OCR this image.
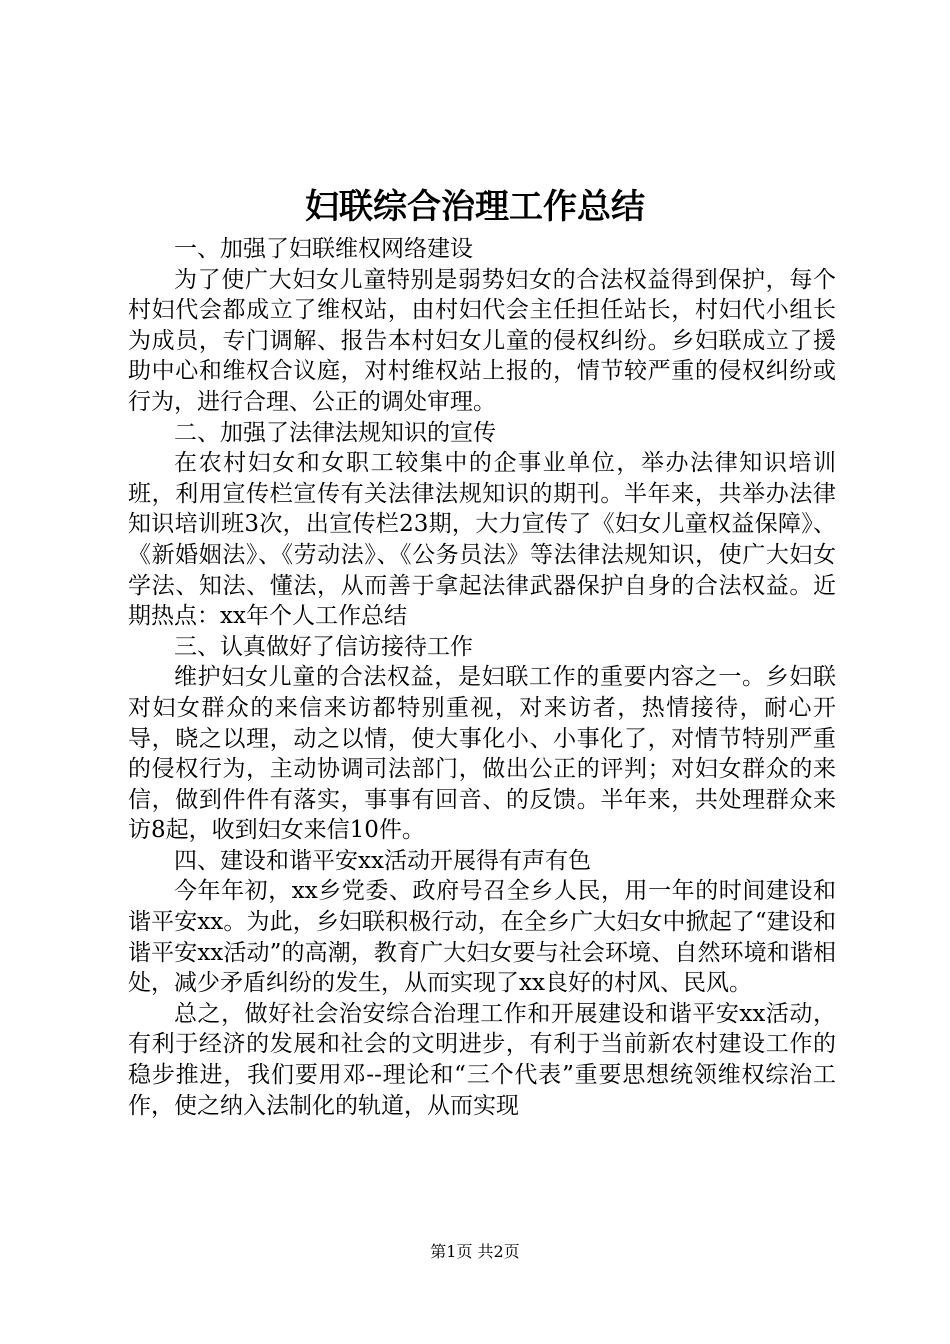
妇联综合治理工作总结

一、加强了妇联维权网络建设

为了使广大妇女儿童特别是弱势妇女的合法权益得到保护，每个村妇代会都成立了维权站，由村妇代会主任担任站长，村妇代小组长为成员，专门调解、报告本村妇女儿童的侵权纠纷。乡妇联成立了援助中心和维权合议庭，对村维权站上报的，情节较严重的侵权纠纷或行为，进行合理、公正的调处审理。

二、加强了法律法规知识的宣传

在农村妇女和女职工较集中的企事业单位，举办法律知识培训班，利用宣传栏宣传有关法律法规知识的期刊。半年来，共举办法律知识培训班3次，出宣传栏23期，大力宣传了《妇女儿童权益保障》、《新婚姻法》、《劳动法》、《公务员法》等法律法规知识，使广大妇女学法、知法、懂法，从而善于拿起法律武器保护自身的合法权益。近期热点：xx年个人工作总结

三、认真做好了信访接待工作

维护妇女儿童的合法权益，是妇联工作的重要内容之一。乡妇联对妇女群众的来信来访都特别重视，对来访者，热情接待，耐心开导，晓之以理，动之以情，使大事化小、小事化了，对情节特别严重的侵权行为，主动协调司法部门，做出公正的评判；对妇女群众的来信，做到件件有落实，事事有回音、的反馈。半年来，共处理群众来访8起，收到妇女来信10件。

四、建设和谐平安xx活动开展得有声有色

今年年初，xx乡党委、政府号召全乡人民，用一年的时间建设和谐平安xx。为此，乡妇联积极行动，在全乡广大妇女中掀起了“建设和谐平安xx活动”的高潮，教育广大妇女要与社会环境、自然环境和谐相处，减少矛盾纠纷的发生，从而实现了xx良好的村风、民风。

总之，做好社会治安综合治理工作和开展建设和谐平安xx活动，有利于经济的发展和社会的文明进步，有利于当前新农村建设工作的稳步推进，我们要用邓--理论和“三个代表”重要思想统领维权综治工作，使之纳入法制化的轨道，从而实现

第1页 共2页
